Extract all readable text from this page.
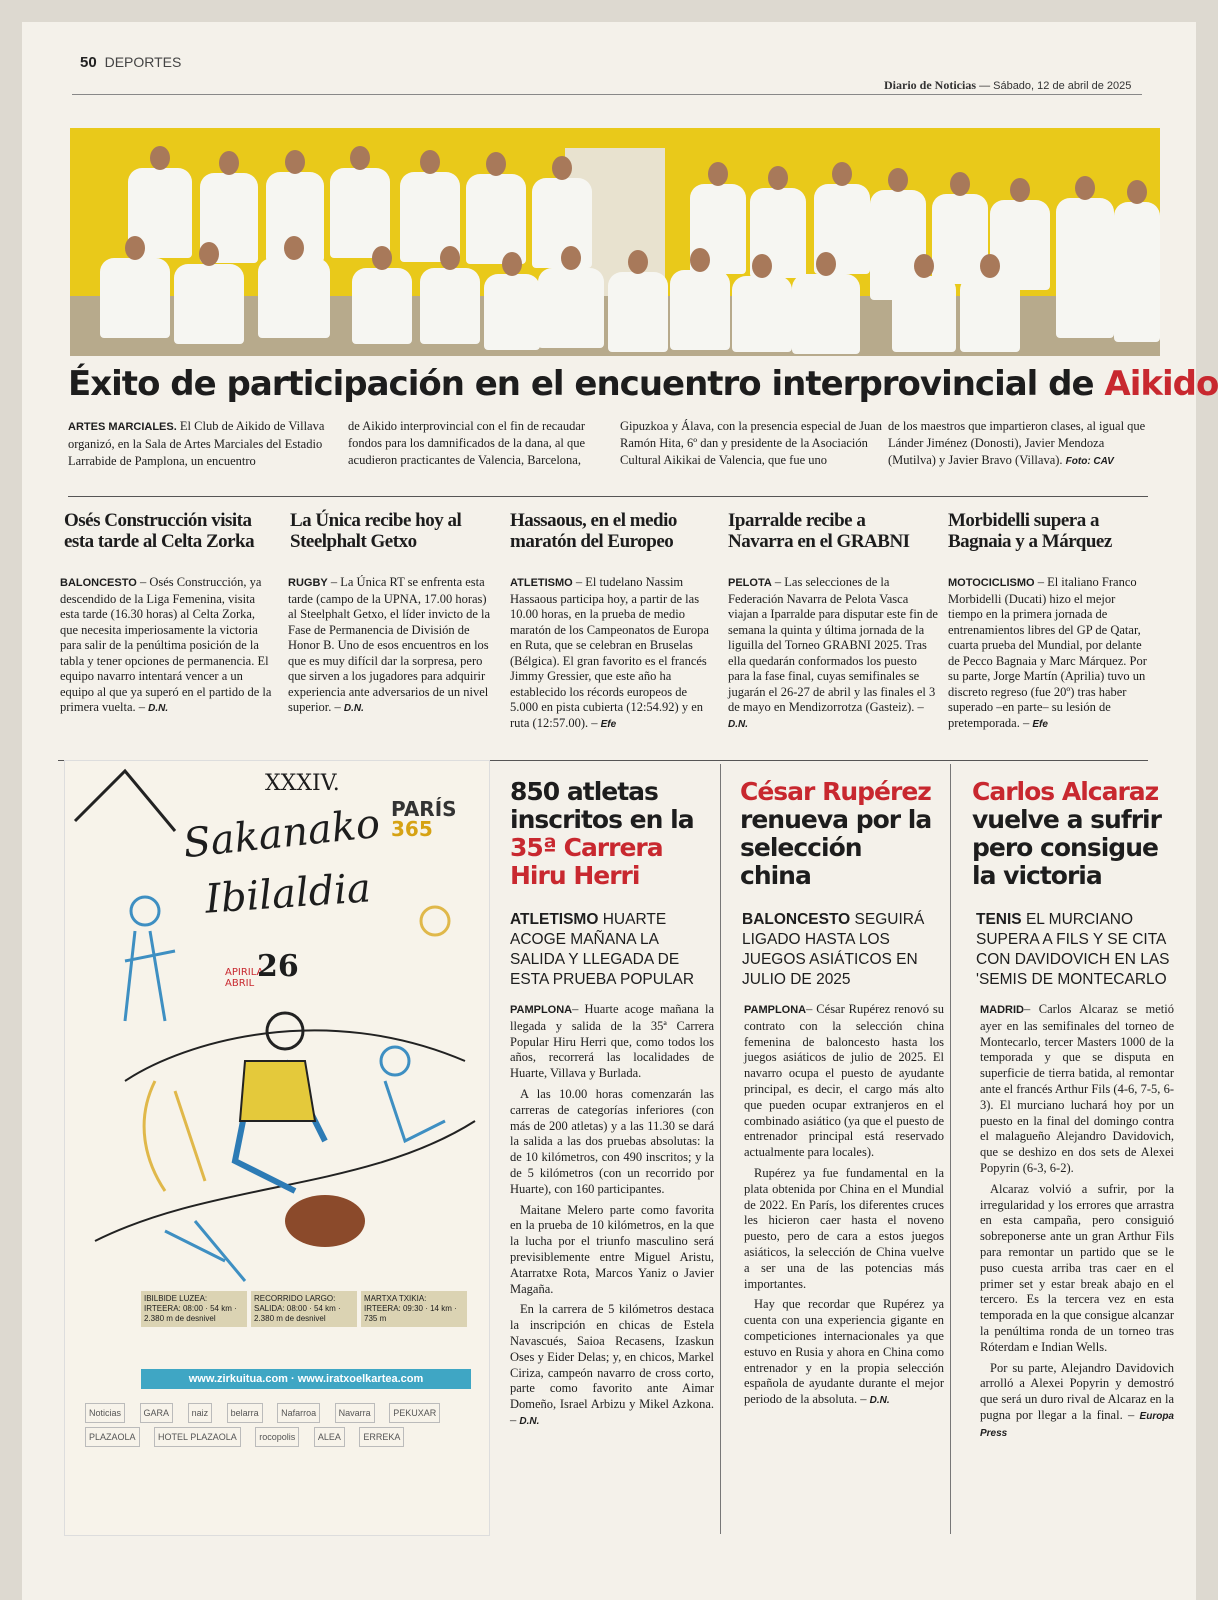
50 DEPORTES
Diario de Noticias — Sábado, 12 de abril de 2025
Éxito de participación en el encuentro interprovincial de Aikido
ARTES MARCIALES. El Club de Aikido de Villava organizó, en la Sala de Artes Marciales del Estadio Larrabide de Pamplona, un encuentro
de Aikido interprovincial con el fin de recaudar fondos para los damnificados de la dana, al que acudieron practicantes de Valencia, Barcelona,
Gipuzkoa y Álava, con la presencia especial de Juan Ramón Hita, 6º dan y presidente de la Asociación Cultural Aikikai de Valencia, que fue uno
de los maestros que impartieron clases, al igual que Lánder Jiménez (Donosti), Javier Mendoza (Mutilva) y Javier Bravo (Villava). Foto: CAV
Osés Construcción visita esta tarde al Celta Zorka
BALONCESTO – Osés Construcción, ya descendido de la Liga Femenina, visita esta tarde (16.30 horas) al Celta Zorka, que necesita imperiosamente la victoria para salir de la penúltima posición de la tabla y tener opciones de permanencia. El equipo navarro intentará vencer a un equipo al que ya superó en el partido de la primera vuelta. – D.N.
La Única recibe hoy al Steelphalt Getxo
RUGBY – La Única RT se enfrenta esta tarde (campo de la UPNA, 17.00 horas) al Steelphalt Getxo, el líder invicto de la Fase de Permanencia de División de Honor B. Uno de esos encuentros en los que es muy difícil dar la sorpresa, pero que sirven a los jugadores para adquirir experiencia ante adversarios de un nivel superior. – D.N.
Hassaous, en el medio maratón del Europeo
ATLETISMO – El tudelano Nassim Hassaous participa hoy, a partir de las 10.00 horas, en la prueba de medio maratón de los Campeonatos de Europa en Ruta, que se celebran en Bruselas (Bélgica). El gran favorito es el francés Jimmy Gressier, que este año ha establecido los récords europeos de 5.000 en pista cubierta (12:54.92) y en ruta (12:57.00). – Efe
Iparralde recibe a Navarra en el GRABNI
PELOTA – Las selecciones de la Federación Navarra de Pelota Vasca viajan a Iparralde para disputar este fin de semana la quinta y última jornada de la liguilla del Torneo GRABNI 2025. Tras ella quedarán conformados los puesto para la fase final, cuyas semifinales se jugarán el 26-27 de abril y las finales el 3 de mayo en Mendizorrotza (Gasteiz). – D.N.
Morbidelli supera a Bagnaia y a Márquez
MOTOCICLISMO – El italiano Franco Morbidelli (Ducati) hizo el mejor tiempo en la primera jornada de entrenamientos libres del GP de Qatar, cuarta prueba del Mundial, por delante de Pecco Bagnaia y Marc Márquez. Por su parte, Jorge Martín (Aprilia) tuvo un discreto regreso (fue 20º) tras haber superado –en parte– su lesión de pretemporada. – Efe
XXXIV.
Sakanako
Ibilaldia
PARÍS
365
APIRILA ABRIL 26
IBILBIDE LUZEA: IRTEERA: 08:00 · 54 km · 2.380 m de desnivel
RECORRIDO LARGO: SALIDA: 08:00 · 54 km · 2.380 m de desnivel
MARTXA TXIKIA: IRTEERA: 09:30 · 14 km · 735 m
www.zirkuitua.com · www.iratxoelkartea.com
Noticias	GARA	naiz	belarra	Nafarroa	Navarra	PEKUXAR PLAZAOLA	HOTEL PLAZAOLA	rocopolis	ALEA	ERREKA
850 atletas inscritos en la 35ª Carrera Hiru Herri
ATLETISMO HUARTE ACOGE MAÑANA LA SALIDA Y LLEGADA DE ESTA PRUEBA POPULAR

PAMPLONA– Huarte acoge mañana la llegada y salida de la 35ª Carrera Popular Hiru Herri que, como todos los años, recorrerá las localidades de Huarte, Villava y Burlada.

A las 10.00 horas comenzarán las carreras de categorías inferiores (con más de 200 atletas) y a las 11.30 se dará la salida a las dos pruebas absolutas: la de 10 kilómetros, con 490 inscritos; y la de 5 kilómetros (con un recorrido por Huarte), con 160 participantes.

Maitane Melero parte como favorita en la prueba de 10 kilómetros, en la que la lucha por el triunfo masculino será previsiblemente entre Miguel Aristu, Atarratxe Rota, Marcos Yaniz o Javier Magaña.

En la carrera de 5 kilómetros destaca la inscripción en chicas de Estela Navascués, Saioa Recasens, Izaskun Oses y Eider Delas; y, en chicos, Markel Ciriza, campeón navarro de cross corto, parte como favorito ante Aimar Domeño, Israel Arbizu y Mikel Azkona. – D.N.

César Rupérez renueva por la selección china
BALONCESTO SEGUIRÁ LIGADO HASTA LOS JUEGOS ASIÁTICOS EN JULIO DE 2025

PAMPLONA– César Rupérez renovó su contrato con la selección china femenina de baloncesto hasta los juegos asiáticos de julio de 2025. El navarro ocupa el puesto de ayudante principal, es decir, el cargo más alto que pueden ocupar extranjeros en el combinado asiático (ya que el puesto de entrenador principal está reservado actualmente para locales).

Rupérez ya fue fundamental en la plata obtenida por China en el Mundial de 2022. En París, los diferentes cruces les hicieron caer hasta el noveno puesto, pero de cara a estos juegos asiáticos, la selección de China vuelve a ser una de las potencias más importantes.

Hay que recordar que Rupérez ya cuenta con una experiencia gigante en competiciones internacionales ya que estuvo en Rusia y ahora en China como entrenador y en la propia selección española de ayudante durante el mejor periodo de la absoluta. – D.N.

Carlos Alcaraz vuelve a sufrir pero consigue la victoria
TENIS EL MURCIANO SUPERA A FILS Y SE CITA CON DAVIDOVICH EN LAS 'SEMIS DE MONTECARLO

MADRID– Carlos Alcaraz se metió ayer en las semifinales del torneo de Montecarlo, tercer Masters 1000 de la temporada y que se disputa en superficie de tierra batida, al remontar ante el francés Arthur Fils (4-6, 7-5, 6-3). El murciano luchará hoy por un puesto en la final del domingo contra el malagueño Alejandro Davidovich, que se deshizo en dos sets de Alexei Popyrin (6-3, 6-2).

Alcaraz volvió a sufrir, por la irregularidad y los errores que arrastra en esta campaña, pero consiguió sobreponerse ante un gran Arthur Fils para remontar un partido que se le puso cuesta arriba tras caer en el primer set y estar break abajo en el tercero. Es la tercera vez en esta temporada en la que consigue alcanzar la penúltima ronda de un torneo tras Róterdam e Indian Wells.

Por su parte, Alejandro Davidovich arrolló a Alexei Popyrin y demostró que será un duro rival de Alcaraz en la pugna por llegar a la final. – Europa Press
